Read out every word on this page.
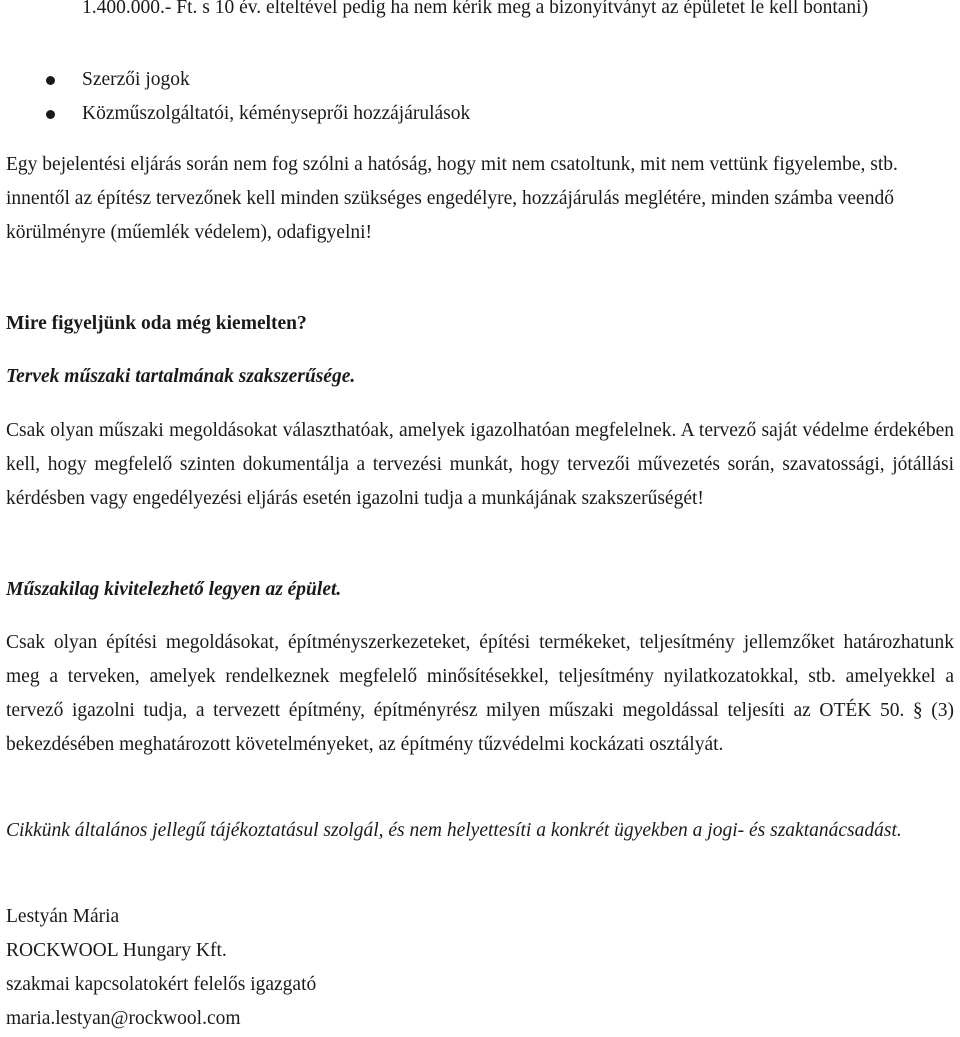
1.400.000.- Ft. s 10 év. elteltével pedig ha nem kérik meg a bizonyítványt az épületet le kell bontani)

Szerzői jogok
Közműszolgáltatói, kéményseprői hozzájárulások

Egy bejelentési eljárás során nem fog szólni a hatóság, hogy mit nem csatoltunk, mit nem vettünk figyelembe, stb. innentől az építész tervezőnek kell minden szükséges engedélyre, hozzájárulás meglétére, minden számba veendő körülményre (műemlék védelem), odafigyelni!

Mire figyeljünk oda még kiemelten?

Tervek műszaki tartalmának szakszerűsége.

Csak olyan műszaki megoldásokat választhatóak, amelyek igazolhatóan megfelelnek. A tervező saját védelme érdekében kell, hogy megfelelő szinten dokumentálja a tervezési munkát, hogy tervezői művezetés során, szavatossági, jótállási kérdésben vagy engedélyezési eljárás esetén igazolni tudja a munkájának szakszerűségét!

Műszakilag kivitelezhető legyen az épület.

Csak olyan építési megoldásokat, építményszerkezeteket, építési termékeket, teljesítmény jellemzőket határozhatunk meg a terveken, amelyek rendelkeznek megfelelő minősítésekkel, teljesítmény nyilatkozatokkal, stb. amelyekkel a tervező igazolni tudja, a tervezett építmény, építményrész milyen műszaki megoldással teljesíti az OTÉK 50. § (3) bekezdésében meghatározott követelményeket, az építmény tűzvédelmi kockázati osztályát.

Cikkünk általános jellegű tájékoztatásul szolgál, és nem helyettesíti a konkrét ügyekben a jogi- és szaktanácsadást.

Lestyán Mária
ROCKWOOL Hungary Kft.
szakmai kapcsolatokért felelős igazgató
maria.lestyan@rockwool.com
